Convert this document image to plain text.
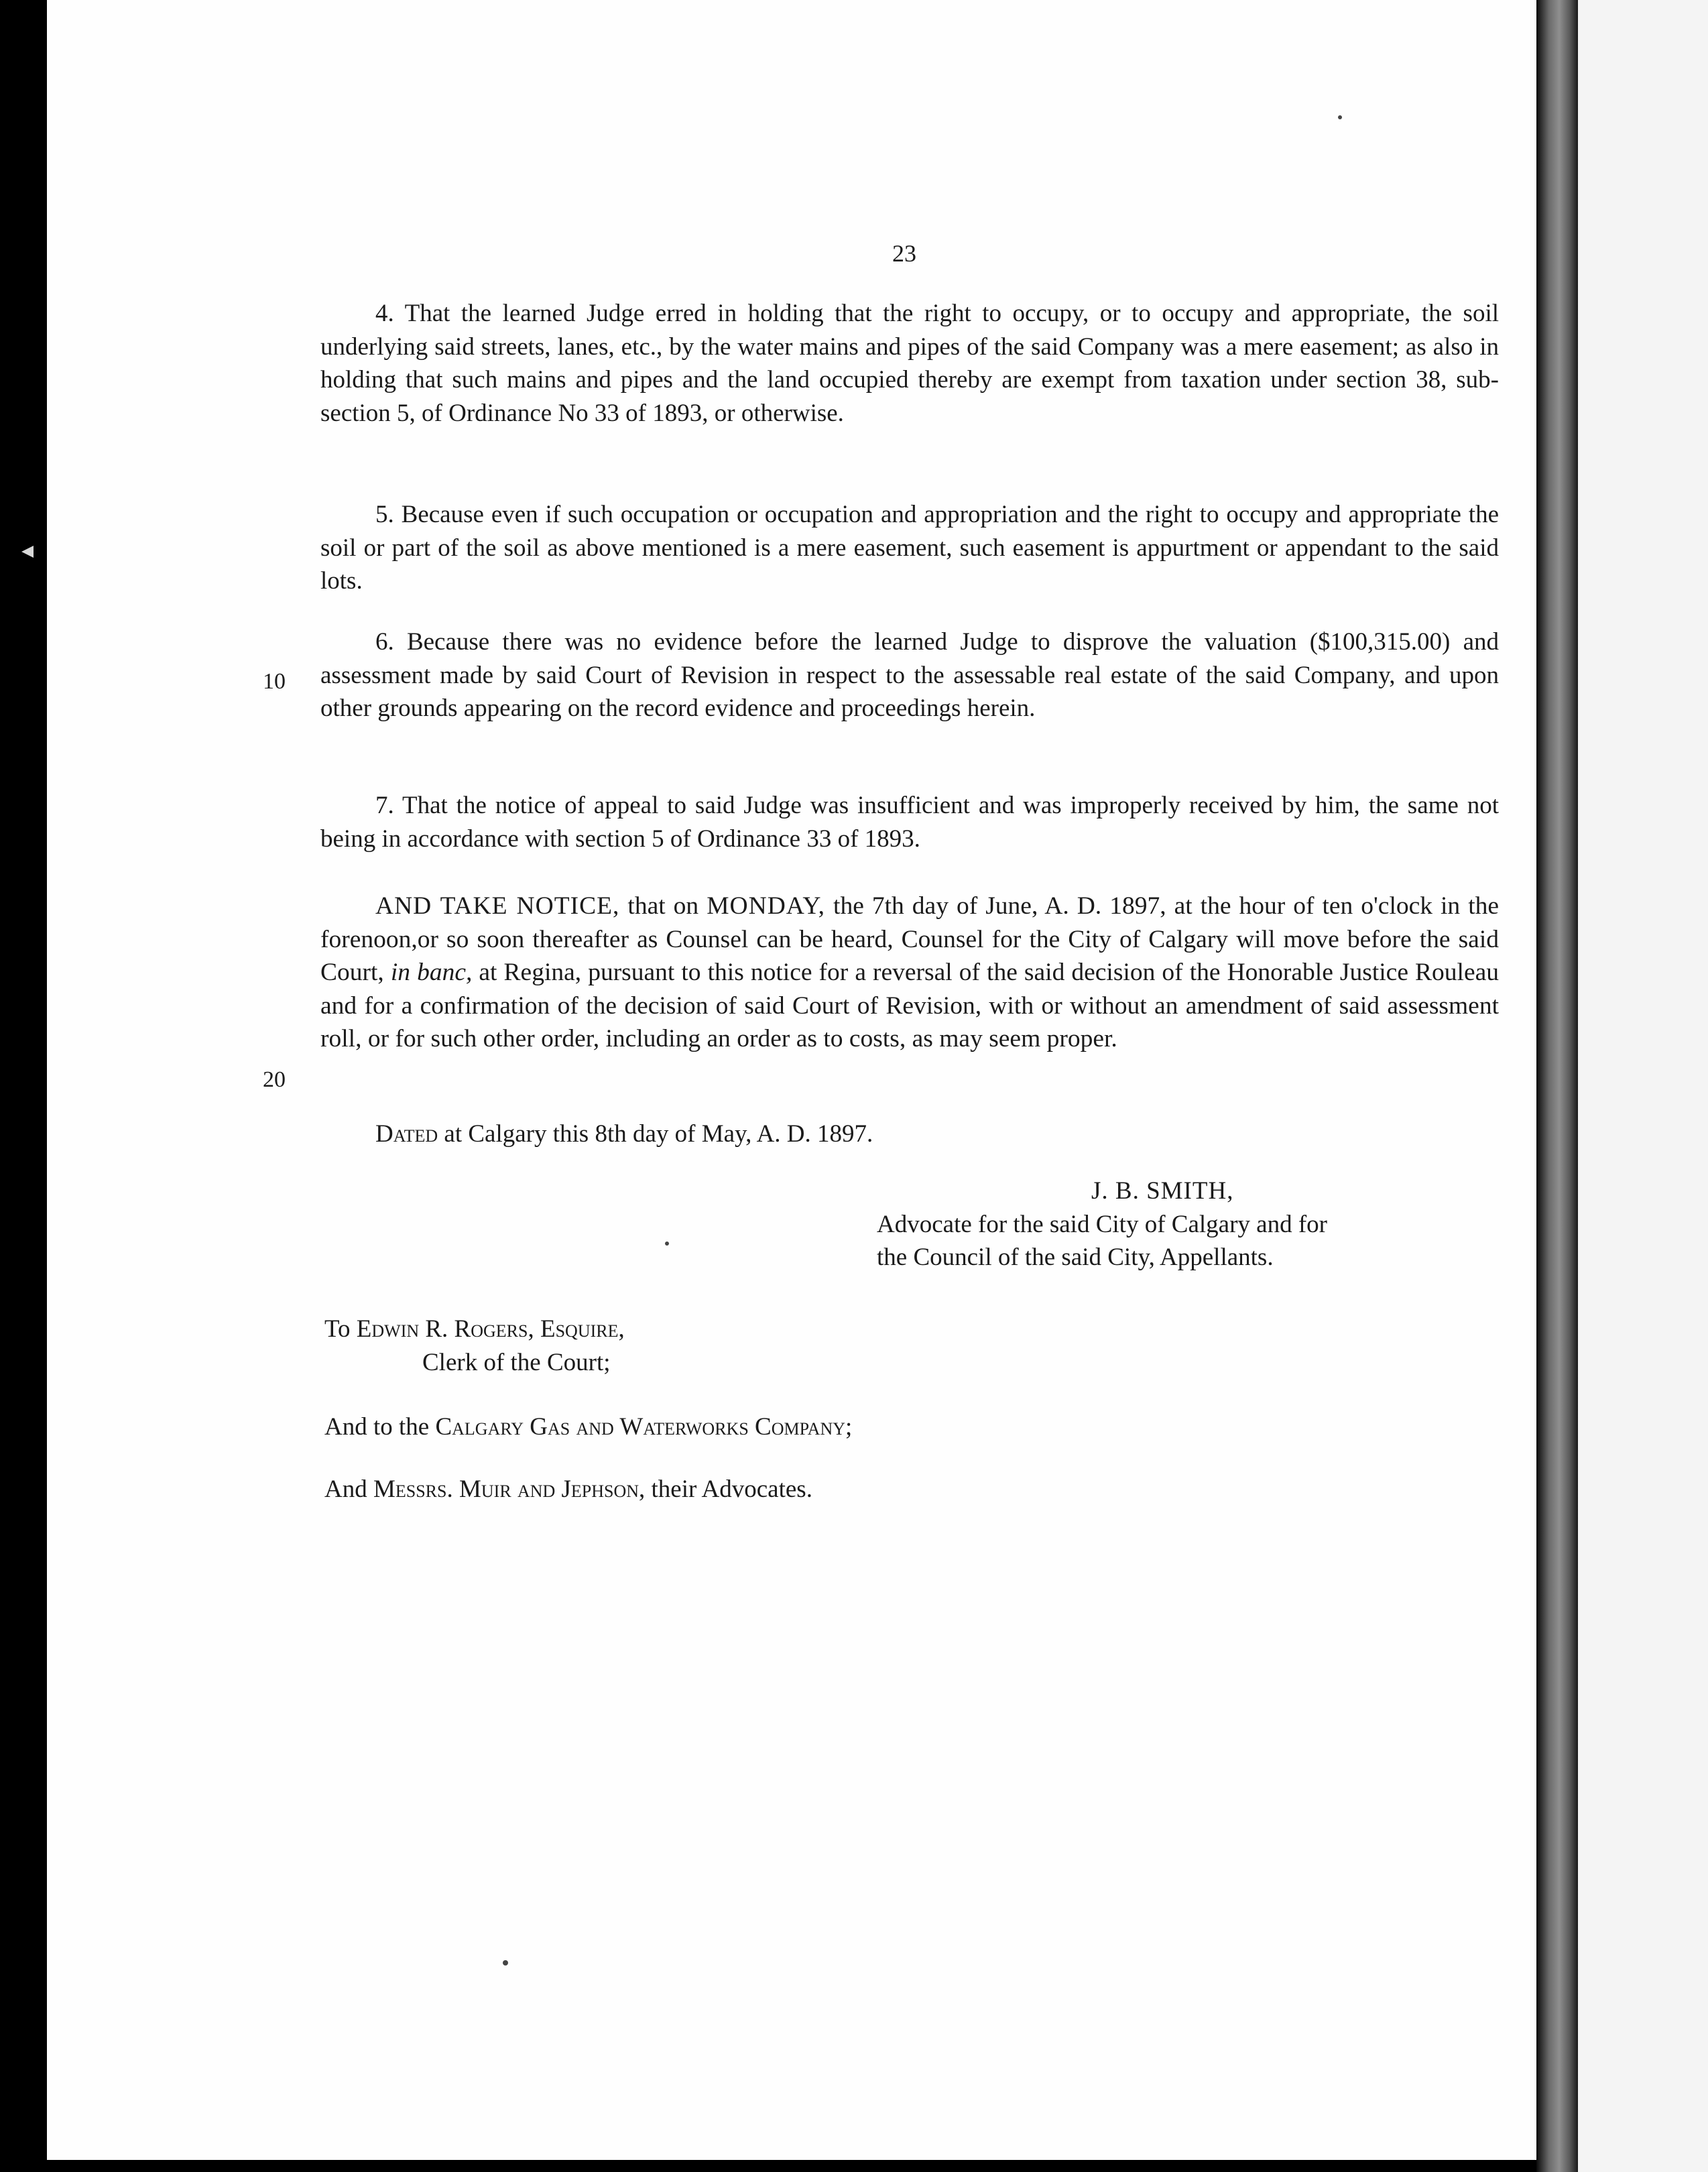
23
4. That the learned Judge erred in holding that the right to occupy, or to occupy and appropriate, the soil underlying said streets, lanes, etc., by the water mains and pipes of the said Company was a mere easement; as also in holding that such mains and pipes and the land occupied thereby are exempt from taxation under section 38, sub-section 5, of Ordinance No 33 of 1893, or otherwise.
5. Because even if such occupation or occupation and appropriation and the right to occupy and appropriate the soil or part of the soil as above mentioned is a mere easement, such easement is appurtment or appendant to the said lots.
6. Because there was no evidence before the learned Judge to disprove the valuation ($100,315.00) and assessment made by said Court of Revision in respect to the assessable real estate of the said Company, and upon other grounds appearing on the record evidence and proceedings herein.
7. That the notice of appeal to said Judge was insufficient and was improperly received by him, the same not being in accordance with section 5 of Ordinance 33 of 1893.
AND TAKE NOTICE, that on MONDAY, the 7th day of June, A. D. 1897, at the hour of ten o'clock in the forenoon,or so soon thereafter as Counsel can be heard, Counsel for the City of Calgary will move before the said Court, in banc, at Regina, pursuant to this notice for a reversal of the said decision of the Honorable Justice Rouleau and for a confirmation of the decision of said Court of Revision, with or without an amendment of said assessment roll, or for such other order, including an order as to costs, as may seem proper.
Dated at Calgary this 8th day of May, A. D. 1897.
10
20
J. B. SMITH,
Advocate for the said City of Calgary and for
the Council of the said City, Appellants.
To Edwin R. Rogers, Esquire,
Clerk of the Court;
And to the Calgary Gas and Waterworks Company;
And Messrs. Muir and Jephson, their Advocates.
